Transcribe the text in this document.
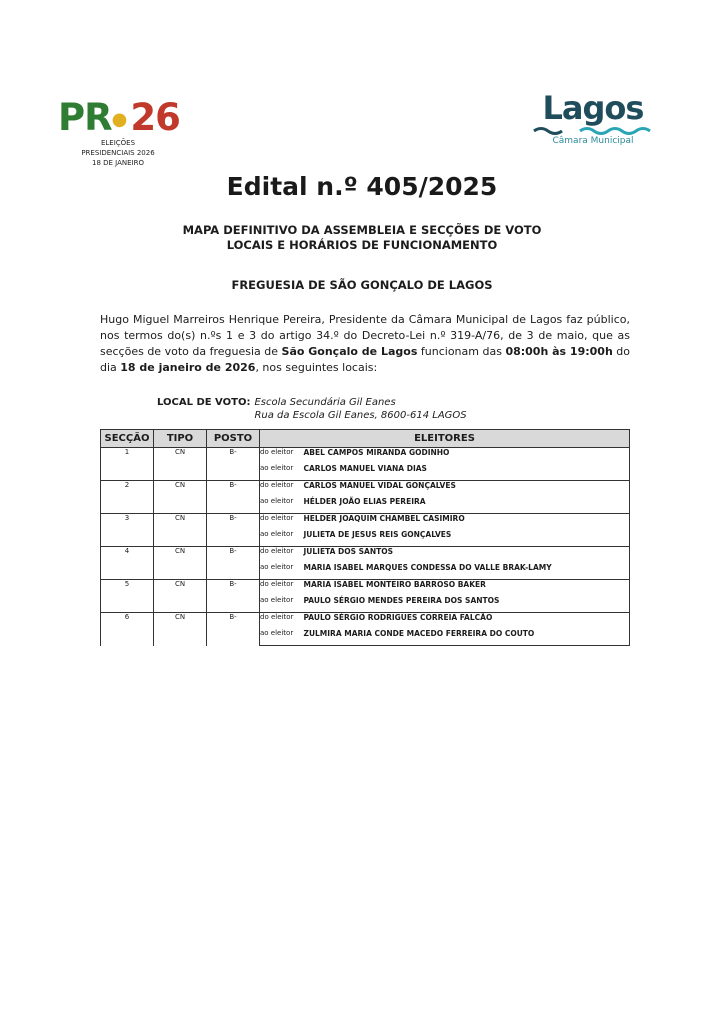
PR● 26
ELEIÇÕES
PRESIDENCIAIS 2026
18 DE JANEIRO
Lagos
Câmara Municipal
Edital n.º 405/2025
MAPA DEFINITIVO DA ASSEMBLEIA E SECÇÕES DE VOTO
LOCAIS E HORÁRIOS DE FUNCIONAMENTO
FREGUESIA DE SÃO GONÇALO DE LAGOS
Hugo Miguel Marreiros Henrique Pereira, Presidente da Câmara Municipal de Lagos faz público, nos termos do(s) n.ºs 1 e 3 do artigo 34.º do Decreto-Lei n.º 319-A/76, de 3 de maio, que as secções de voto da freguesia de São Gonçalo de Lagos funcionam das 08:00h às 19:00h do dia 18 de janeiro de 2026, nos seguintes locais:
LOCAL DE VOTO: Escola Secundária Gil Eanes
Rua da Escola Gil Eanes, 8600-614 LAGOS
SECÇÃO	TIPO	POSTO	ELEITORES	
1	CN	B-	do eleitor	ABEL CAMPOS MIRANDA GODINHO
			ao eleitor	CARLOS MANUEL VIANA DIAS
2	CN	B-	do eleitor	CARLOS MANUEL VIDAL GONÇALVES
			ao eleitor	HÉLDER JOÃO ELIAS PEREIRA
3	CN	B-	do eleitor	HELDER JOAQUIM CHAMBEL CASIMIRO
			ao eleitor	JULIETA DE JESUS REIS GONÇALVES
4	CN	B-	do eleitor	JULIETA DOS SANTOS
			ao eleitor	MARIA ISABEL MARQUES CONDESSA DO VALLE BRAK-LAMY
5	CN	B-	do eleitor	MARIA ISABEL MONTEIRO BARROSO BAKER
			ao eleitor	PAULO SÉRGIO MENDES PEREIRA DOS SANTOS
6	CN	B-	do eleitor	PAULO SÉRGIO RODRIGUES CORREIA FALCÃO
			ao eleitor	ZULMIRA MARIA CONDE MACEDO FERREIRA DO COUTO
